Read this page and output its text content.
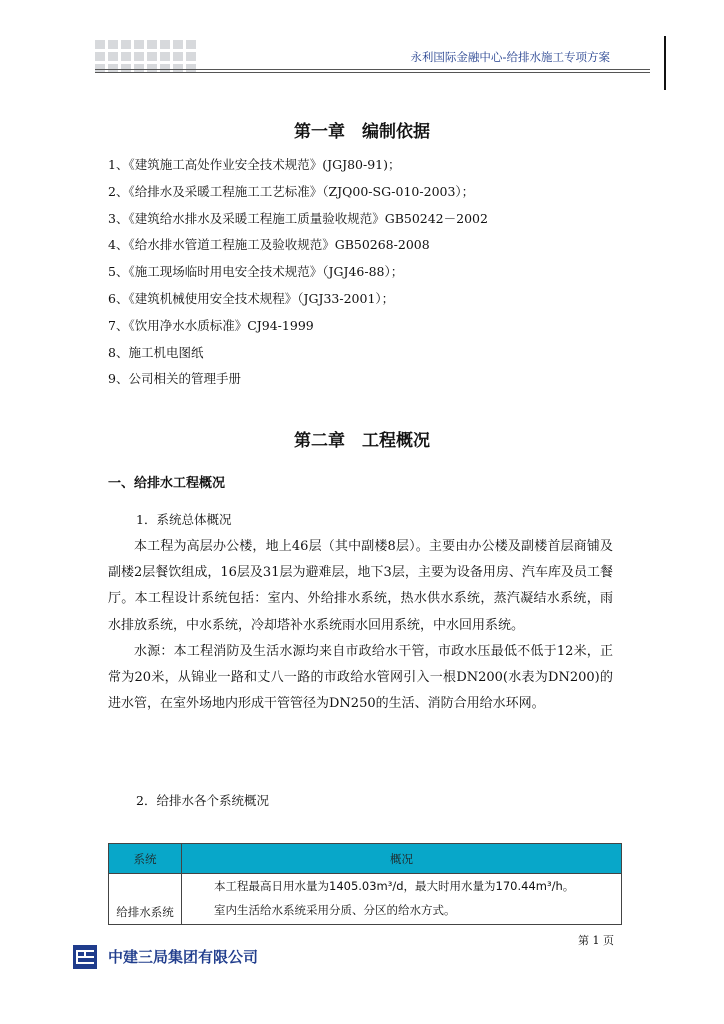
永利国际金融中心-给排水施工专项方案
第一章　编制依据
1、《建筑施工高处作业安全技术规范》(JGJ80-91)；
2、《给排水及采暖工程施工工艺标准》（ZJQ00-SG-010-2003）；
3、《建筑给水排水及采暖工程施工质量验收规范》GB50242－2002
4、《给水排水管道工程施工及验收规范》GB50268-2008
5、《施工现场临时用电安全技术规范》（JGJ46-88）；
6、《建筑机械使用安全技术规程》（JGJ33-2001）；
7、《饮用净水水质标准》CJ94-1999
8、施工机电图纸
9、公司相关的管理手册
第二章　工程概况
一、给排水工程概况
1．系统总体概况

本工程为高层办公楼，地上46层（其中副楼8层）。主要由办公楼及副楼首层商铺及副楼2层餐饮组成，16层及31层为避难层，地下3层，主要为设备用房、汽车库及员工餐厅。本工程设计系统包括：室内、外给排水系统，热水供水系统，蒸汽凝结水系统，雨水排放系统，中水系统，冷却塔补水系统雨水回用系统，中水回用系统。

水源：本工程消防及生活水源均来自市政给水干管，市政水压最低不低于12米，正常为20米，从锦业一路和丈八一路的市政给水管网引入一根DN200(水表为DN200)的进水管，在室外场地内形成干管管径为DN250的生活、消防合用给水环网。

2．给排水各个系统概况
系统	概况
给排水系统	本工程最高日用水量为1405.03m³/d，最大时用水量为170.44m³/h。
室内生活给水系统采用分质、分区的给水方式。
第 1 页
中建三局集团有限公司
